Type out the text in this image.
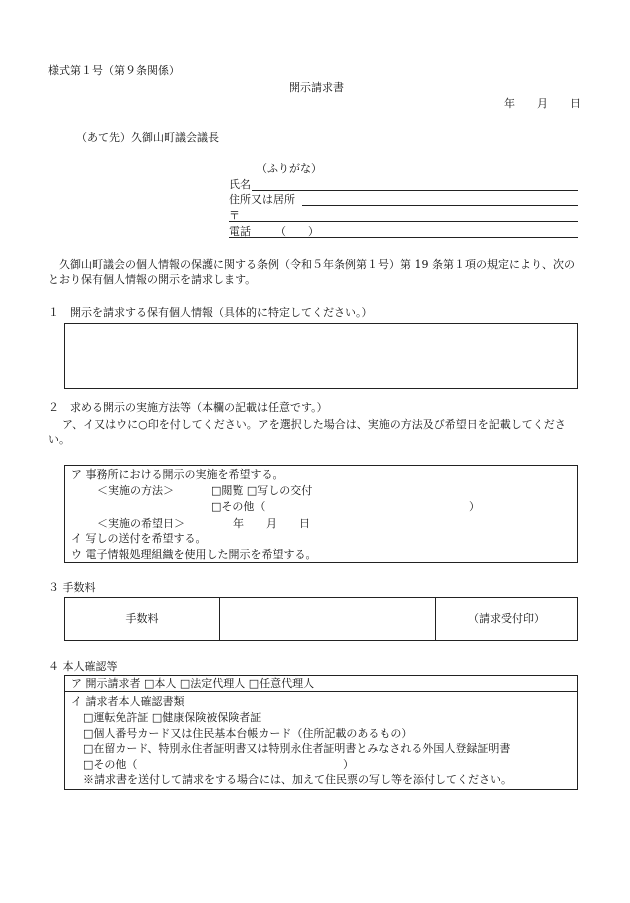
様式第１号（第９条関係）
開示請求書
年　　月　　日
（あて先）久御山町議会議長
（ふりがな）
氏名
住所又は居所
〒
電話 （　　）
久御山町議会の個人情報の保護に関する条例（令和５年条例第１号）第 19 条第１項の規定により、次のとおり保有個人情報の開示を請求します。
１　開示を請求する保有個人情報（具体的に特定してください。）
２　求める開示の実施方法等（本欄の記載は任意です。）
ア、イ又はウに○印を付してください。アを選択した場合は、実施の方法及び希望日を記載してください。
ア 事務所における開示の実施を希望する。
＜実施の方法＞	□閲覧 □写しの交付
□その他（	）
＜実施の希望日＞	年　　月　　日
イ 写しの送付を希望する。
ウ 電子情報処理組織を使用した開示を希望する。
３ 手数料
手数料	（請求受付印）
４ 本人確認等
ア 開示請求者 □本人 □法定代理人 □任意代理人
イ 請求者本人確認書類
□運転免許証 □健康保険被保険者証
□個人番号カード又は住民基本台帳カード（住所記載のあるもの）
□在留カード、特別永住者証明書又は特別永住者証明書とみなされる外国人登録証明書
□その他（	）
※請求書を送付して請求をする場合には、加えて住民票の写し等を添付してください。
